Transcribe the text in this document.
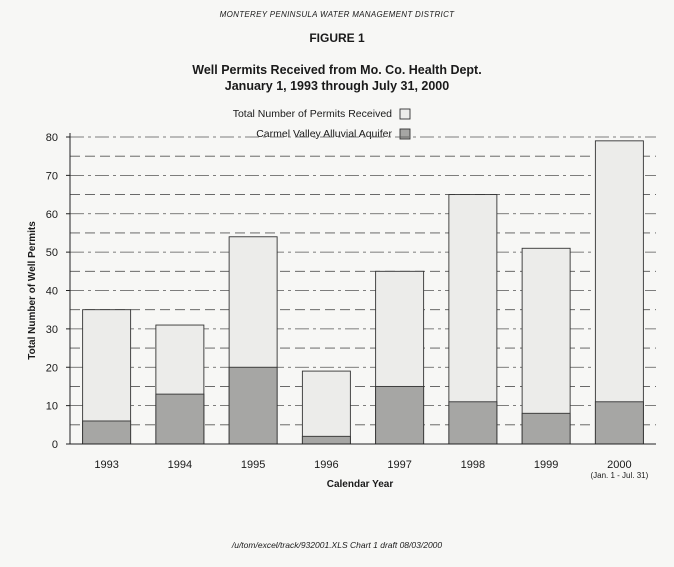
MONTEREY PENINSULA WATER MANAGEMENT DISTRICT
FIGURE 1
Well Permits Received from Mo. Co. Health Dept.
January 1, 1993 through July 31, 2000
Total Number of Permits Received
Carmel Valley Alluvial Aquifer
1993	1994	1995	1996	1997	1998	1999	2000
(Jan. 1 - Jul. 31)
0
10
20
30
40
50
60
70
80
Calendar Year
Total Number of Well Permits
/u/tom/excel/track/932001.XLS Chart 1 draft 08/03/2000
